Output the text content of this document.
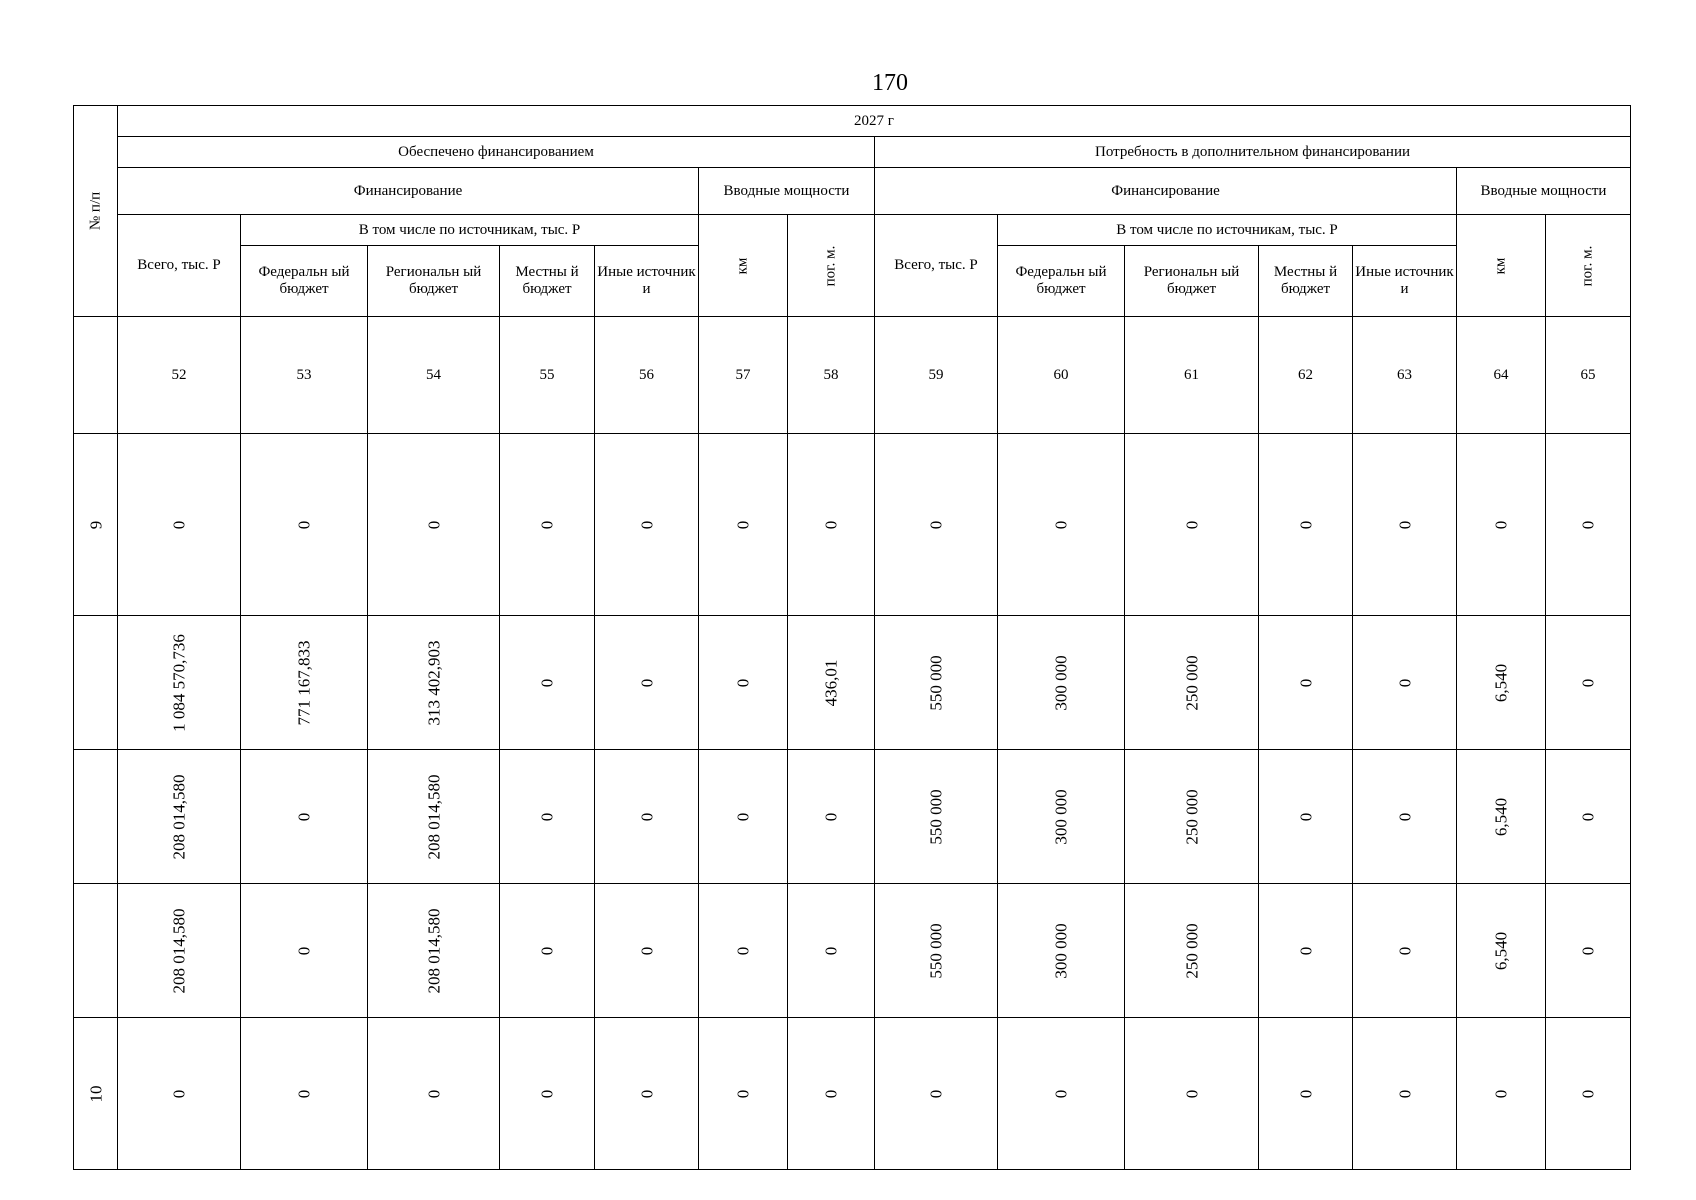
170
№ п/п	2027 г													
	Обеспечено финансированием							Потребность в дополнительном финансировании						
	Финансирование					Вводные мощности		Финансирование					Вводные мощности	
	Всего, тыс. Р	В том числе по источникам, тыс. Р				км	пог. м.	Всего, тыс. Р	В том числе по источникам, тыс. Р				км	пог. м.

		Федеральн ый бюджет	Региональн ый бюджет	Местны й бюджет	Иные источник и				Федеральн ый бюджет	Региональн ый бюджет	Местны й бюджет	Иные источник и		
	52	53	54	55	56	57	58	59	60	61	62	63	64	65

9	0	0	0	0	0	0	0	0	0	0	0	0	0	0

	1 084 570,736	771 167,833	313 402,903	0	0	0	436,01	550 000	300 000	250 000	0	0	6,540	0

	208 014,580	0	208 014,580	0	0	0	0	550 000	300 000	250 000	0	0	6,540	0

	208 014,580	0	208 014,580	0	0	0	0	550 000	300 000	250 000	0	0	6,540	0

10	0	0	0	0	0	0	0	0	0	0	0	0	0	0
